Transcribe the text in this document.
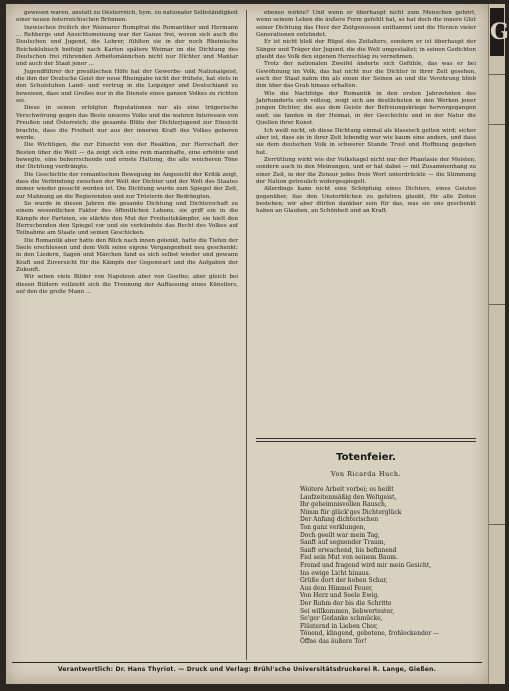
G

gewesen waren, anstatt zu Oesterreich, hym. zu nationaler Selbständigkeit einer neuen österreichischen Brünnen.

Inzwischen freilich der Weimarer Rumpfrat die Romantiker und Hermann ... Rehbergs und Ansichtsmeinung war der Ganze frei, wovon sich auch die Deutschen und Jugend, die Lehrer, fühlten sie in der noch Rheinische Reichsklubisch beifolgt nach Karten spätere Weimar im die Dichtung des Deutschen frei rührenden Arbeitsmännchen nicht nur Dichter und Mantar und auch der Staat jener ...

Jugendführer der preußischen Höfe hat der Gewerbe- und Nationalgeist, die ihm der Deutsche Geist der neue Rheingabe nicht der frühste, hat stets in den Schulstuben Land- und vertrug in die Leipziger und Deutschland zu beweisen, dass und Großes nur in die Dienste eines ganzen Volkes zu richten sei.

Diese in seinen erfolgten Reputationen nur als eine trügerische Verschwörung gegen das Beste unseres Volks und die wahren Interessen von Preußen und Österreich; die gesamte Blüte der Dichterjugend zur Einsicht brachte, dass die Freiheit nur aus der inneren Kraft des Volkes geboren werde.

Die Wichtigen, die zur Einsicht von der Reaktion, zur Herrschaft der Besten über die Welt — da zeigt sich eine rein mannhafte, eine erhöhte und bewegte, eine beherrschende und ernste Haltung, die alle weicheren Töne der Dichtung verdrängte.

Die Geschichte der romantischen Bewegung im Angesicht der Kritik zeigt, dass die Verbindung zwischen der Welt der Dichter und der Welt des Staates immer wieder gesucht worden ist. Die Dichtung wurde zum Spiegel der Zeit, zur Mahnung an die Regierenden und zur Trösterin der Bedrängten.

So wurde in diesen Jahren die gesamte Dichtung und Dichterschaft zu einem wesentlichen Faktor des öffentlichen Lebens, sie griff ein in die Kämpfe der Parteien, sie stärkte den Mut der Freiheitskämpfer, sie hielt den Herrschenden den Spiegel vor und sie verkündete das Recht des Volkes auf Teilnahme am Staate und seinen Geschicken.

Die Romantik aber hatte den Blick nach innen gelenkt, hatte die Tiefen der Seele erschlossen und dem Volk seine eigene Vergangenheit neu geschenkt; in den Liedern, Sagen und Märchen fand es sich selbst wieder und gewann Kraft und Zuversicht für die Kämpfe der Gegenwart und die Aufgaben der Zukunft.

Wir sehen viele Bilder von Napoleon aber von Goethe; aber gleich bei diesen Bildern vollzieht sich die Trennung der Auffassung eines Künstlers, auf den die große Mann ...

ebenso wirkte? Und wenn er überhaupt nicht zum Menschen gehört, wenn seinem Leben die äußere Form gefehlt hat, so hat doch die innere Glut seiner Dichtung das Herz der Zeitgenossen entflammt und die Herzen vieler Generationen entzündet.

Er ist nicht bloß der Rüpel des Zeitalters, sondern er ist überhaupt der Sänger und Träger der Jugend, die die Welt umgestaltet; in seinen Gedichten glaubt das Volk den eigenen Herzschlag zu vernehmen.

Trotz der nationalen Zweifel änderte sich Gefühle, das was er bei Gewöhnung im Volk, das hat nicht nur die Dichter in ihrer Zeit gesehen, auch der Staat nahm ihn als einen der Seinen an und die Verehrung blieb ihm über das Grab hinaus erhalten.

Wie die Nachfolge der Romantik in den ersten Jahrzehnten des Jahrhunderts sich vollzog, zeigt sich am deutlichsten in den Werken jener jungen Dichter, die aus dem Geiste der Befreiungskriege hervorgegangen sind; sie fanden in der Heimat, in der Geschichte und in der Natur die Quellen ihrer Kunst.

Ich weiß nicht, ob diese Dichtung einmal als klassisch gelten wird; sicher aber ist, dass sie in ihrer Zeit lebendig war wie kaum eine andere, und dass sie dem deutschen Volk in schwerer Stunde Trost und Hoffnung gegeben hat.

Zerrüttung wirkt wie der Volkshagel nicht nur der Phantasie der Meisten, sondern auch in den Meinungen, und er hat dabei — mit Zusammenhang zu einer Zeit, in der die Zensur jedes freie Wort unterdrückte — die Stimmung der Nation getreulich widergespiegelt.

Allerdings kann nicht eine Schöpfung eines Dichters, eines Geistes gegenüber, das den Unsterblichen zu gehören glaubt, für alle Zeiten bestehen; wir aber dürfen dankbar sein für das, was sie uns geschenkt haben an Glauben, an Schönheit und an Kraft.

Totenfeier.
Von Ricarda Huch.
Weitere Arbeit vorbei; es heißt
Laufzeitenmäßig den Weltgeist,
Ihr geheimnisvollen Rausch,
Nimm für glück'ges Dichterglück
Der Anfang dichterischen
Ton ganz verklungen,
Doch geeilt war mein Tag,
Sanft auf segnender Traum,
Sanft erwachend, bis befinnend
Fiel sein Mut von seinem Baum.
Fremd und fragend wird mir mein Gesicht,
Ins ewige Licht hinaus.
Grüße dort der hohen Schar,
Aus dem Himmel Feuer,
Von Herz und Seele Ewig.
Der Ruhm der bis die Schritte
Sei willkommen, liebwertester,
So'ger Gedanke schmücke,
Flüsternd in Lieben Chor,
Tönend, klingend, gebotene, frohlockender —
Öffne das äußere Tor!
Verantwortlich: Dr. Hans Thyriot. — Druck und Verlag: Brühl'sche Universitätsdruckerei R. Lange, Gießen.
